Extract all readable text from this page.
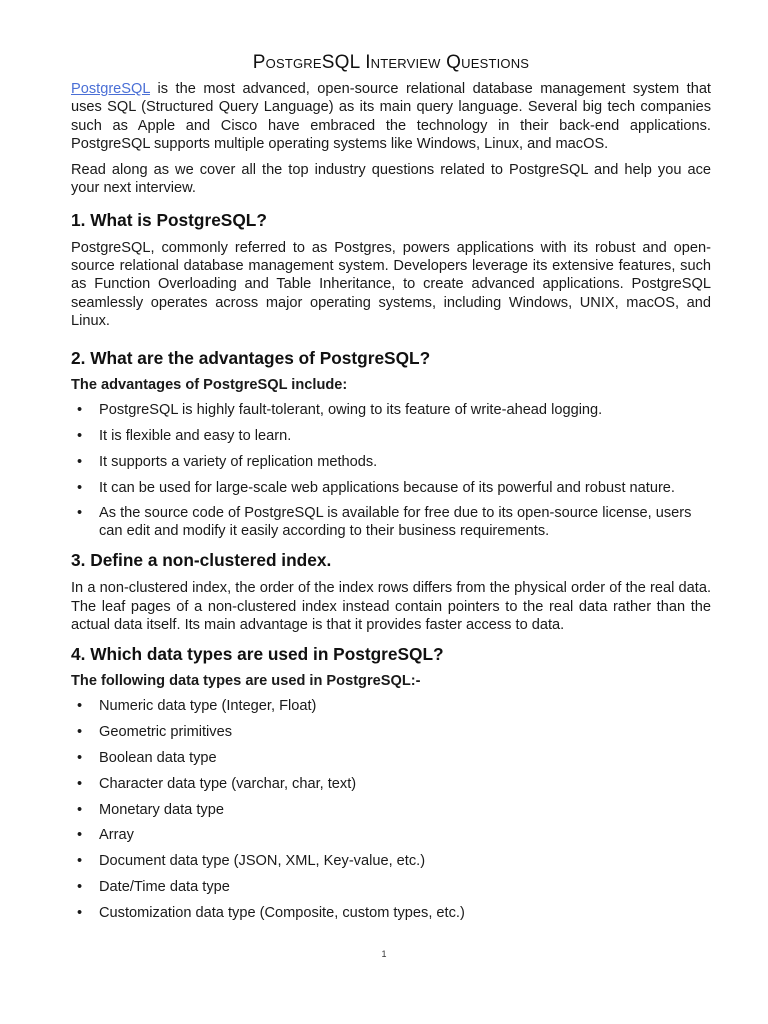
PostgreSQL Interview Questions

PostgreSQL is the most advanced, open-source relational database management system that uses SQL (Structured Query Language) as its main query language. Several big tech companies such as Apple and Cisco have embraced the technology in their back-end applications. PostgreSQL supports multiple operating systems like Windows, Linux, and macOS.

Read along as we cover all the top industry questions related to PostgreSQL and help you ace your next interview.

1. What is PostgreSQL?

PostgreSQL, commonly referred to as Postgres, powers applications with its robust and open-source relational database management system. Developers leverage its extensive features, such as Function Overloading and Table Inheritance, to create advanced applications. PostgreSQL seamlessly operates across major operating systems, including Windows, UNIX, macOS, and Linux.

2. What are the advantages of PostgreSQL?
The advantages of PostgreSQL include:
• PostgreSQL is highly fault-tolerant, owing to its feature of write-ahead logging.
• It is flexible and easy to learn.
• It supports a variety of replication methods.
• It can be used for large-scale web applications because of its powerful and robust nature.
• As the source code of PostgreSQL is available for free due to its open-source license, users can edit and modify it easily according to their business requirements.
3. Define a non-clustered index.

In a non-clustered index, the order of the index rows differs from the physical order of the real data. The leaf pages of a non-clustered index instead contain pointers to the real data rather than the actual data itself. Its main advantage is that it provides faster access to data.

4. Which data types are used in PostgreSQL?
The following data types are used in PostgreSQL:-
• Numeric data type (Integer, Float)
• Geometric primitives
• Boolean data type
• Character data type (varchar, char, text)
• Monetary data type
• Array
• Document data type (JSON, XML, Key-value, etc.)
• Date/Time data type
• Customization data type (Composite, custom types, etc.)
1
